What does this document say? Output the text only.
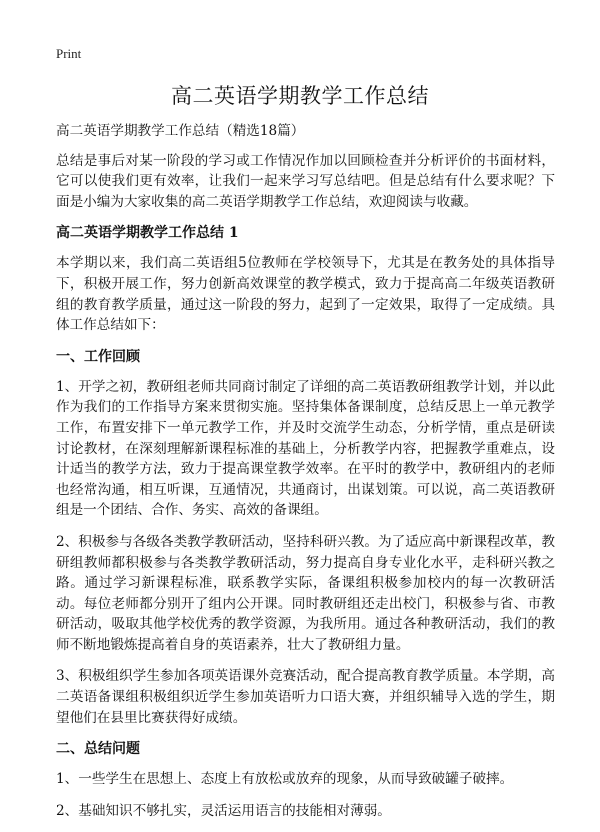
Print
高二英语学期教学工作总结

高二英语学期教学工作总结（精选18篇）

总结是事后对某一阶段的学习或工作情况作加以回顾检查并分析评价的书面材料，它可以使我们更有效率，让我们一起来学习写总结吧。但是总结有什么要求呢？下面是小编为大家收集的高二英语学期教学工作总结，欢迎阅读与收藏。

高二英语学期教学工作总结 1

本学期以来，我们高二英语组5位教师在学校领导下，尤其是在教务处的具体指导下，积极开展工作，努力创新高效课堂的教学模式，致力于提高高二年级英语教研组的教育教学质量，通过这一阶段的努力，起到了一定效果，取得了一定成绩。具体工作总结如下：

一、工作回顾

1、开学之初，教研组老师共同商讨制定了详细的高二英语教研组教学计划，并以此作为我们的工作指导方案来贯彻实施。坚持集体备课制度，总结反思上一单元教学工作，布置安排下一单元教学工作，并及时交流学生动态，分析学情，重点是研读讨论教材，在深刻理解新课程标准的基础上，分析教学内容，把握教学重难点，设计适当的教学方法，致力于提高课堂教学效率。在平时的教学中，教研组内的老师也经常沟通，相互听课，互通情况，共通商讨，出谋划策。可以说，高二英语教研组是一个团结、合作、务实、高效的备课组。

2、积极参与各级各类教学教研活动，坚持科研兴教。为了适应高中新课程改革，教研组教师都积极参与各类教学教研活动，努力提高自身专业化水平，走科研兴教之路。通过学习新课程标准，联系教学实际，备课组积极参加校内的每一次教研活动。每位老师都分别开了组内公开课。同时教研组还走出校门，积极参与省、市教研活动，吸取其他学校优秀的教学资源，为我所用。通过各种教研活动，我们的教师不断地锻炼提高着自身的英语素养，壮大了教研组力量。

3、积极组织学生参加各项英语课外竞赛活动，配合提高教育教学质量。本学期，高二英语备课组积极组织近学生参加英语听力口语大赛，并组织辅导入选的学生，期望他们在县里比赛获得好成绩。

二、总结问题

1、一些学生在思想上、态度上有放松或放弃的现象，从而导致破罐子破摔。

2、基础知识不够扎实，灵活运用语言的技能相对薄弱。
